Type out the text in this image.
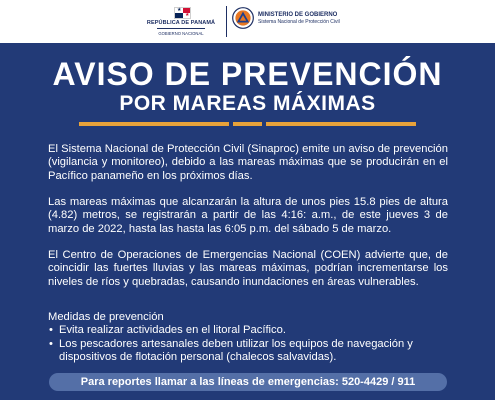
★
★
REPÚBLICA DE PANAMÁ
GOBIERNO NACIONAL
MINISTERIO DE GOBIERNO
Sistema Nacional de Protección Civil
AVISO DE PREVENCIÓN
POR MAREAS MÁXIMAS
El Sistema Nacional de Protección Civil (Sinaproc) emite un aviso de prevención (vigilancia y monitoreo), debido a las mareas máximas que se producirán en el Pacífico panameño en los próximos días.
Las mareas máximas que alcanzarán la altura de unos pies 15.8 pies de altura (4.82) metros, se registrarán a partir de las 4:16: a.m., de este jueves 3 de marzo de 2022, hasta las hasta las 6:05 p.m. del sábado 5 de marzo.
El Centro de Operaciones de Emergencias Nacional (COEN) advierte que, de coincidir las fuertes lluvias y las mareas máximas, podrían incrementarse los niveles de ríos y quebradas, causando inundaciones en áreas vulnerables.
Medidas de prevención
• Evita realizar actividades en el litoral Pacífico.
• Los pescadores artesanales deben utilizar los equipos de navegación y dispositivos de flotación personal (chalecos salvavidas).
Para reportes llamar a las líneas de emergencias: 520-4429 / 911
